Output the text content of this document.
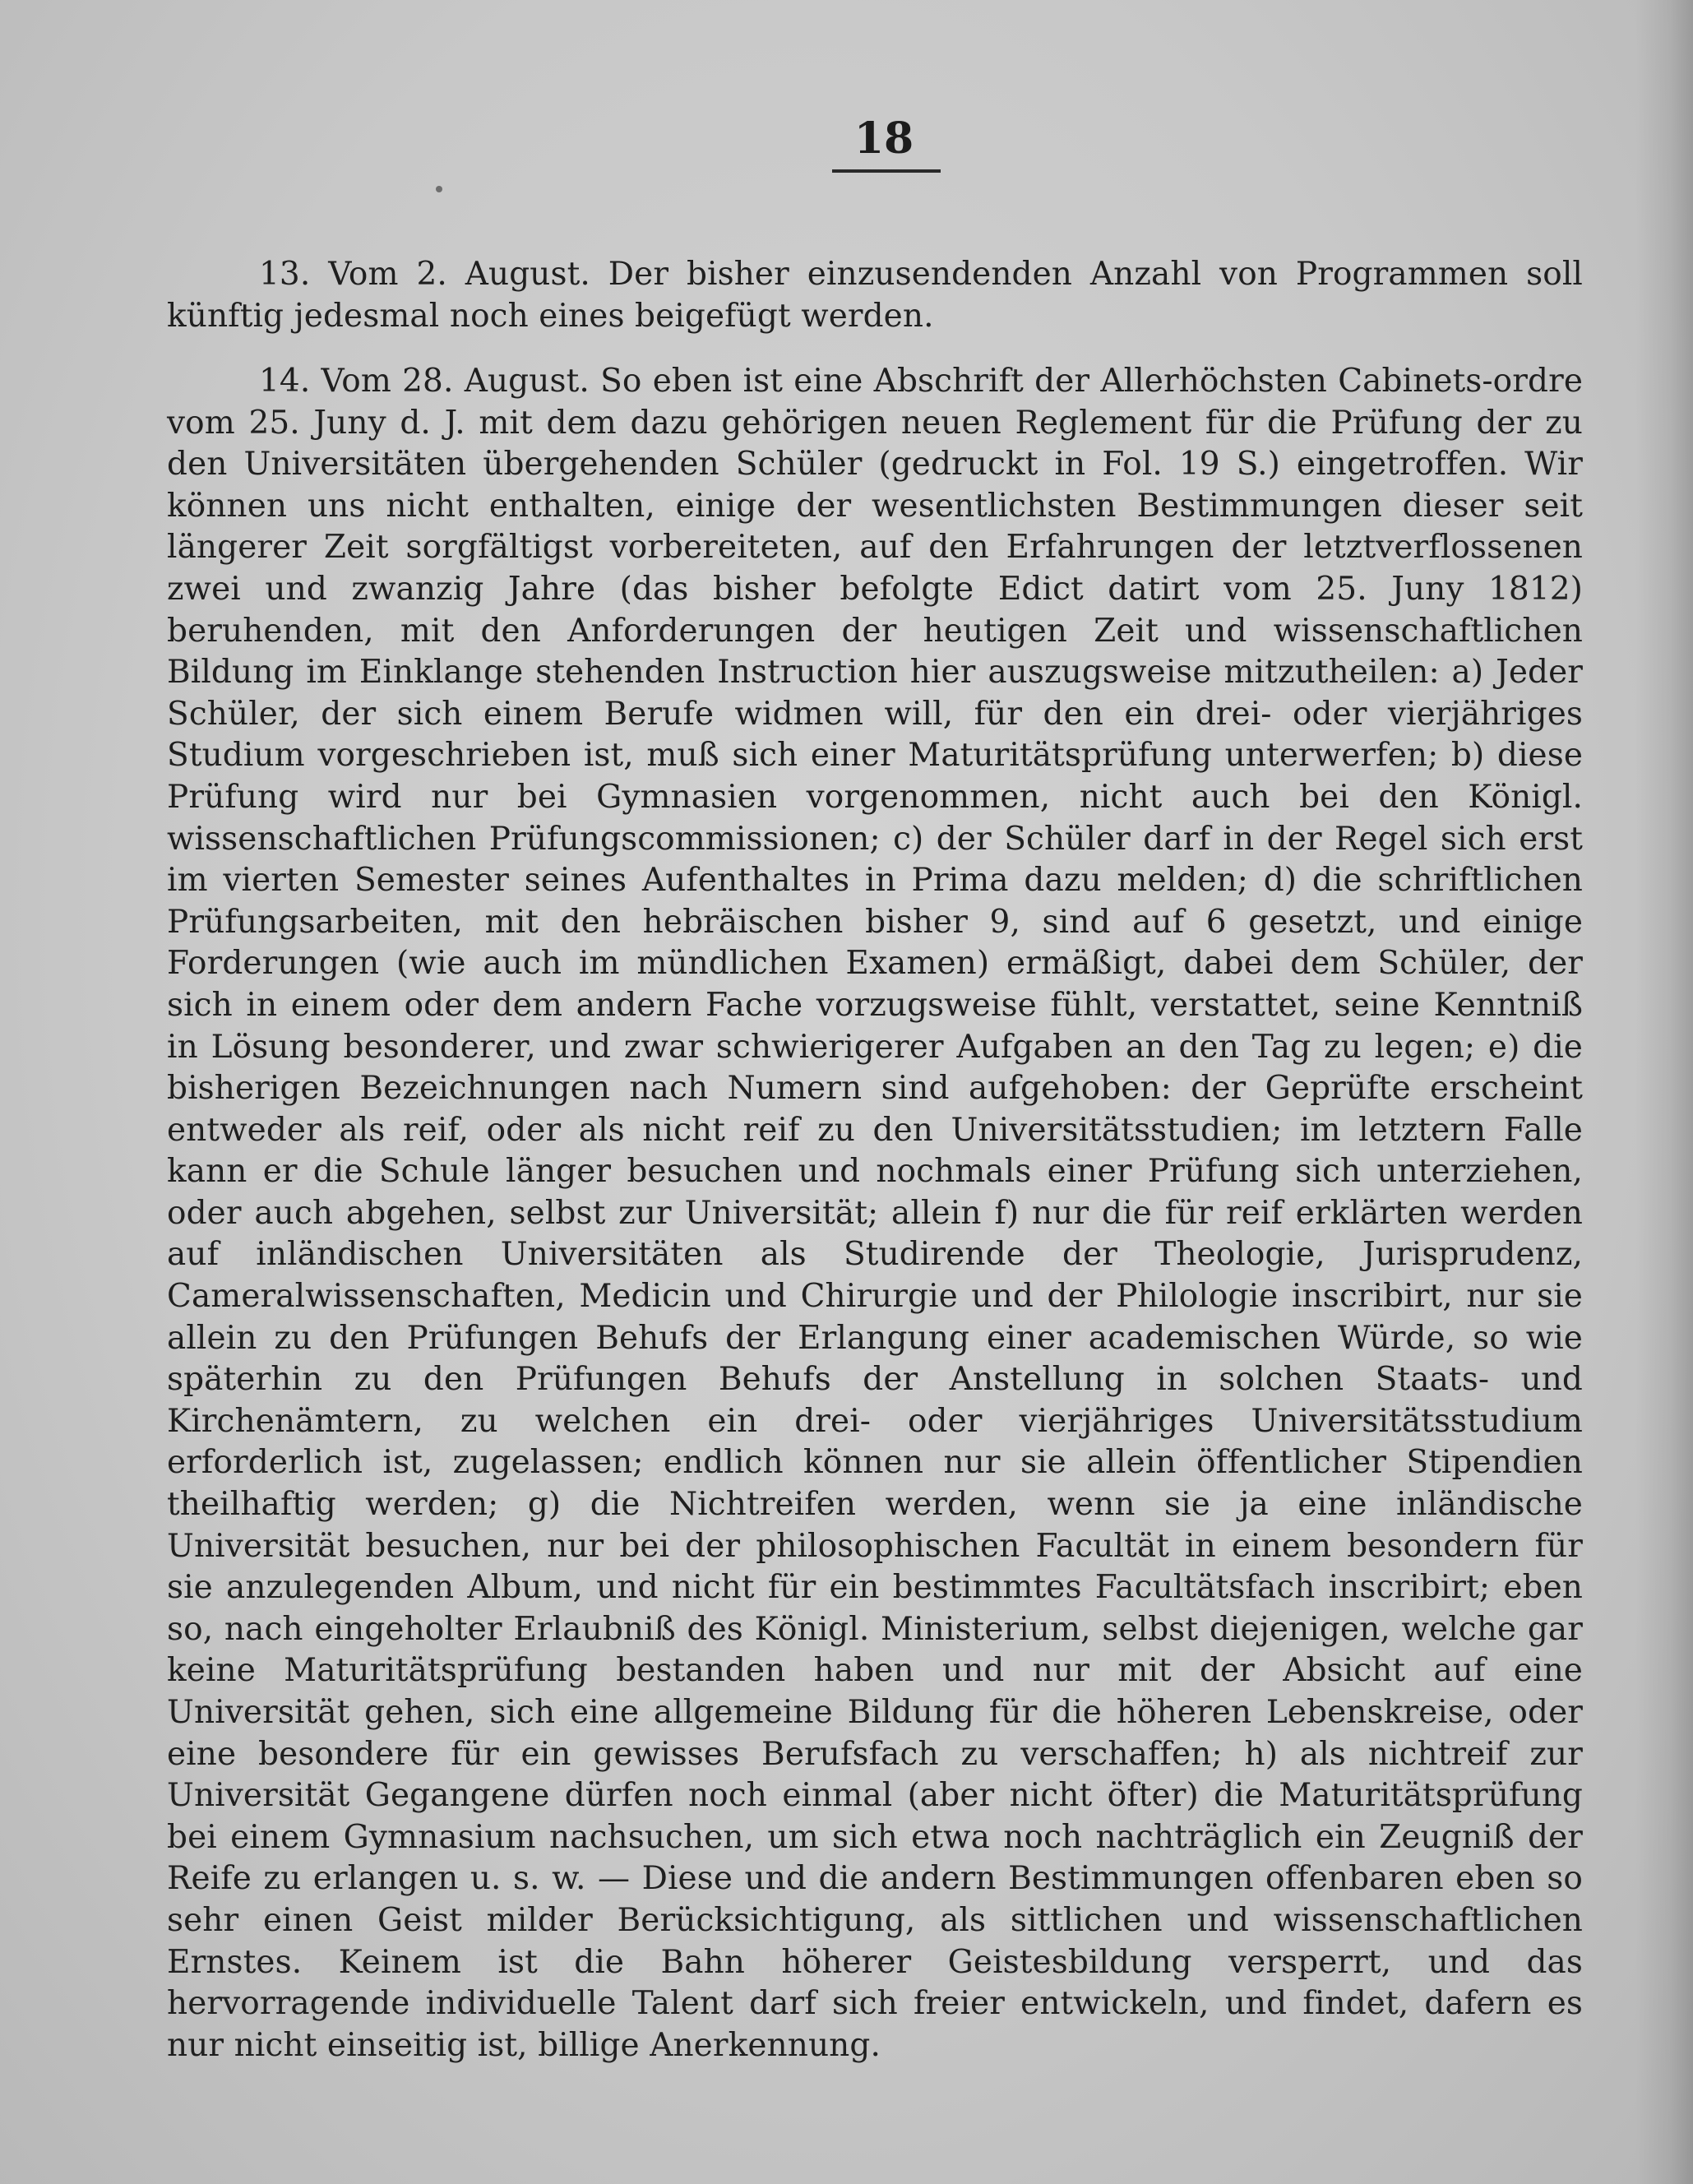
18

13. Vom 2. August. Der bisher einzusendenden Anzahl von Programmen soll künftig jedesmal noch eines beigefügt werden.

14. Vom 28. August. So eben ist eine Abschrift der Allerhöchsten Cabinets-ordre vom 25. Juny d. J. mit dem dazu gehörigen neuen Reglement für die Prüfung der zu den Universitäten übergehenden Schüler (gedruckt in Fol. 19 S.) eingetroffen. Wir können uns nicht enthalten, einige der wesentlichsten Bestimmungen dieser seit längerer Zeit sorgfältigst vorbereiteten, auf den Erfahrungen der letztverflossenen zwei und zwanzig Jahre (das bisher befolgte Edict datirt vom 25. Juny 1812) beruhenden, mit den Anforderungen der heutigen Zeit und wissenschaftlichen Bildung im Einklange stehenden Instruction hier auszugsweise mitzutheilen: a) Jeder Schüler, der sich einem Berufe widmen will, für den ein drei- oder vierjähriges Studium vorgeschrieben ist, muß sich einer Maturitätsprüfung unterwerfen; b) diese Prüfung wird nur bei Gymnasien vorgenommen, nicht auch bei den Königl. wissenschaftlichen Prüfungscommissionen; c) der Schüler darf in der Regel sich erst im vierten Semester seines Aufenthaltes in Prima dazu melden; d) die schriftlichen Prüfungsarbeiten, mit den hebräischen bisher 9, sind auf 6 gesetzt, und einige Forderungen (wie auch im mündlichen Examen) ermäßigt, dabei dem Schüler, der sich in einem oder dem andern Fache vorzugsweise fühlt, verstattet, seine Kenntniß in Lösung besonderer, und zwar schwierigerer Aufgaben an den Tag zu legen; e) die bisherigen Bezeichnungen nach Numern sind aufgehoben: der Geprüfte erscheint entweder als reif, oder als nicht reif zu den Universitätsstudien; im letztern Falle kann er die Schule länger besuchen und nochmals einer Prüfung sich unterziehen, oder auch abgehen, selbst zur Universität; allein f) nur die für reif erklärten werden auf inländischen Universitäten als Studirende der Theologie, Jurisprudenz, Cameralwissenschaften, Medicin und Chirurgie und der Philologie inscribirt, nur sie allein zu den Prüfungen Behufs der Erlangung einer academischen Würde, so wie späterhin zu den Prüfungen Behufs der Anstellung in solchen Staats- und Kirchenämtern, zu welchen ein drei- oder vierjähriges Universitätsstudium erforderlich ist, zugelassen; endlich können nur sie allein öffentlicher Stipendien theilhaftig werden; g) die Nichtreifen werden, wenn sie ja eine inländische Universität besuchen, nur bei der philosophischen Facultät in einem besondern für sie anzulegenden Album, und nicht für ein bestimmtes Facultätsfach inscribirt; eben so, nach eingeholter Erlaubniß des Königl. Ministerium, selbst diejenigen, welche gar keine Maturitätsprüfung bestanden haben und nur mit der Absicht auf eine Universität gehen, sich eine allgemeine Bildung für die höheren Lebenskreise, oder eine besondere für ein gewisses Berufsfach zu verschaffen; h) als nichtreif zur Universität Gegangene dürfen noch einmal (aber nicht öfter) die Maturitätsprüfung bei einem Gymnasium nachsuchen, um sich etwa noch nachträglich ein Zeugniß der Reife zu erlangen u. s. w. — Diese und die andern Bestimmungen offenbaren eben so sehr einen Geist milder Berücksichtigung, als sittlichen und wissenschaftlichen Ernstes. Keinem ist die Bahn höherer Geistesbildung versperrt, und das hervorragende individuelle Talent darf sich freier entwickeln, und findet, dafern es nur nicht einseitig ist, billige Anerkennung.
